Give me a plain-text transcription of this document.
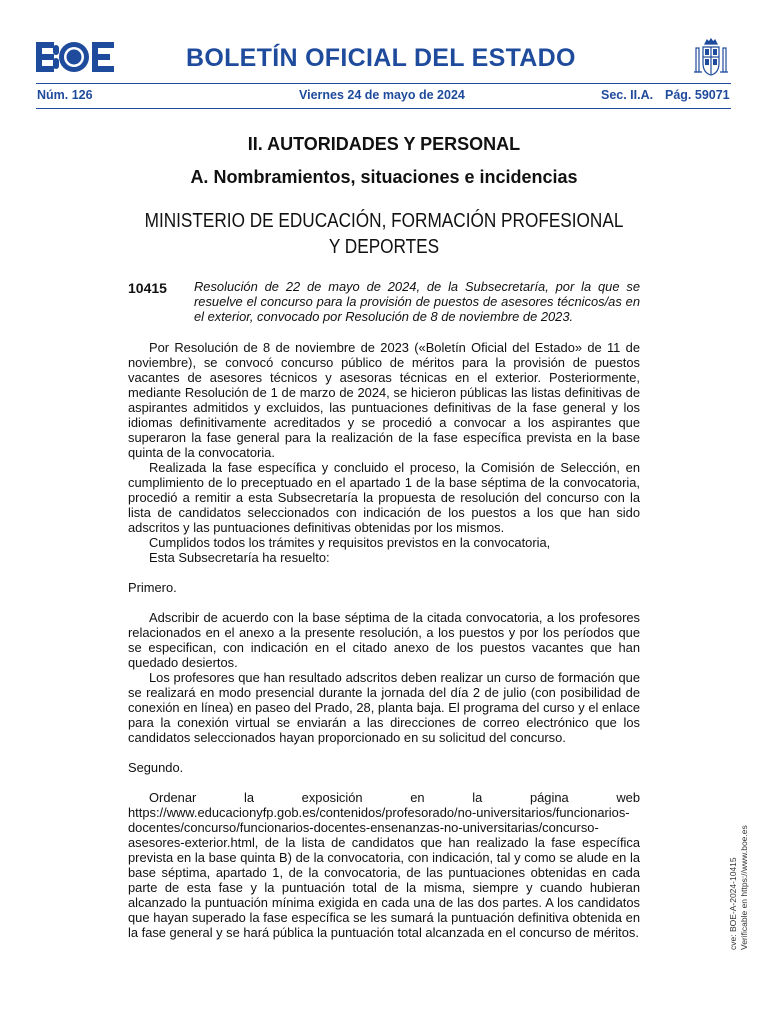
BOLETÍN OFICIAL DEL ESTADO
Núm. 126	Viernes 24 de mayo de 2024	Sec. II.A. Pág. 59071
II. AUTORIDADES Y PERSONAL
A. Nombramientos, situaciones e incidencias
MINISTERIO DE EDUCACIÓN, FORMACIÓN PROFESIONAL
Y DEPORTES
10415 Resolución de 22 de mayo de 2024, de la Subsecretaría, por la que se resuelve el concurso para la provisión de puestos de asesores técnicos/as en el exterior, convocado por Resolución de 8 de noviembre de 2023.

Por Resolución de 8 de noviembre de 2023 («Boletín Oficial del Estado» de 11 de noviembre), se convocó concurso público de méritos para la provisión de puestos vacantes de asesores técnicos y asesoras técnicas en el exterior. Posteriormente, mediante Resolución de 1 de marzo de 2024, se hicieron públicas las listas definitivas de aspirantes admitidos y excluidos, las puntuaciones definitivas de la fase general y los idiomas definitivamente acreditados y se procedió a convocar a los aspirantes que superaron la fase general para la realización de la fase específica prevista en la base quinta de la convocatoria.

Realizada la fase específica y concluido el proceso, la Comisión de Selección, en cumplimiento de lo preceptuado en el apartado 1 de la base séptima de la convocatoria, procedió a remitir a esta Subsecretaría la propuesta de resolución del concurso con la lista de candidatos seleccionados con indicación de los puestos a los que han sido adscritos y las puntuaciones definitivas obtenidas por los mismos.

Cumplidos todos los trámites y requisitos previstos en la convocatoria,

Esta Subsecretaría ha resuelto:

Primero.

Adscribir de acuerdo con la base séptima de la citada convocatoria, a los profesores relacionados en el anexo a la presente resolución, a los puestos y por los períodos que se especifican, con indicación en el citado anexo de los puestos vacantes que han quedado desiertos.

Los profesores que han resultado adscritos deben realizar un curso de formación que se realizará en modo presencial durante la jornada del día 2 de julio (con posibilidad de conexión en línea) en paseo del Prado, 28, planta baja. El programa del curso y el enlace para la conexión virtual se enviarán a las direcciones de correo electrónico que los candidatos seleccionados hayan proporcionado en su solicitud del concurso.

Segundo.

Ordenar la exposición en la página web https://www.educacionyfp.gob.es/contenidos/profesorado/no-universitarios/funcionarios-docentes/concurso/funcionarios-docentes-ensenanzas-no-universitarias/concurso-asesores-exterior.html, de la lista de candidatos que han realizado la fase específica prevista en la base quinta B) de la convocatoria, con indicación, tal y como se alude en la base séptima, apartado 1, de la convocatoria, de las puntuaciones obtenidas en cada parte de esta fase y la puntuación total de la misma, siempre y cuando hubieran alcanzado la puntuación mínima exigida en cada una de las dos partes. A los candidatos que hayan superado la fase específica se les sumará la puntuación definitiva obtenida en la fase general y se hará pública la puntuación total alcanzada en el concurso de méritos.	cve: BOE-A-2024-10415 Verificable en https://www.boe.es
